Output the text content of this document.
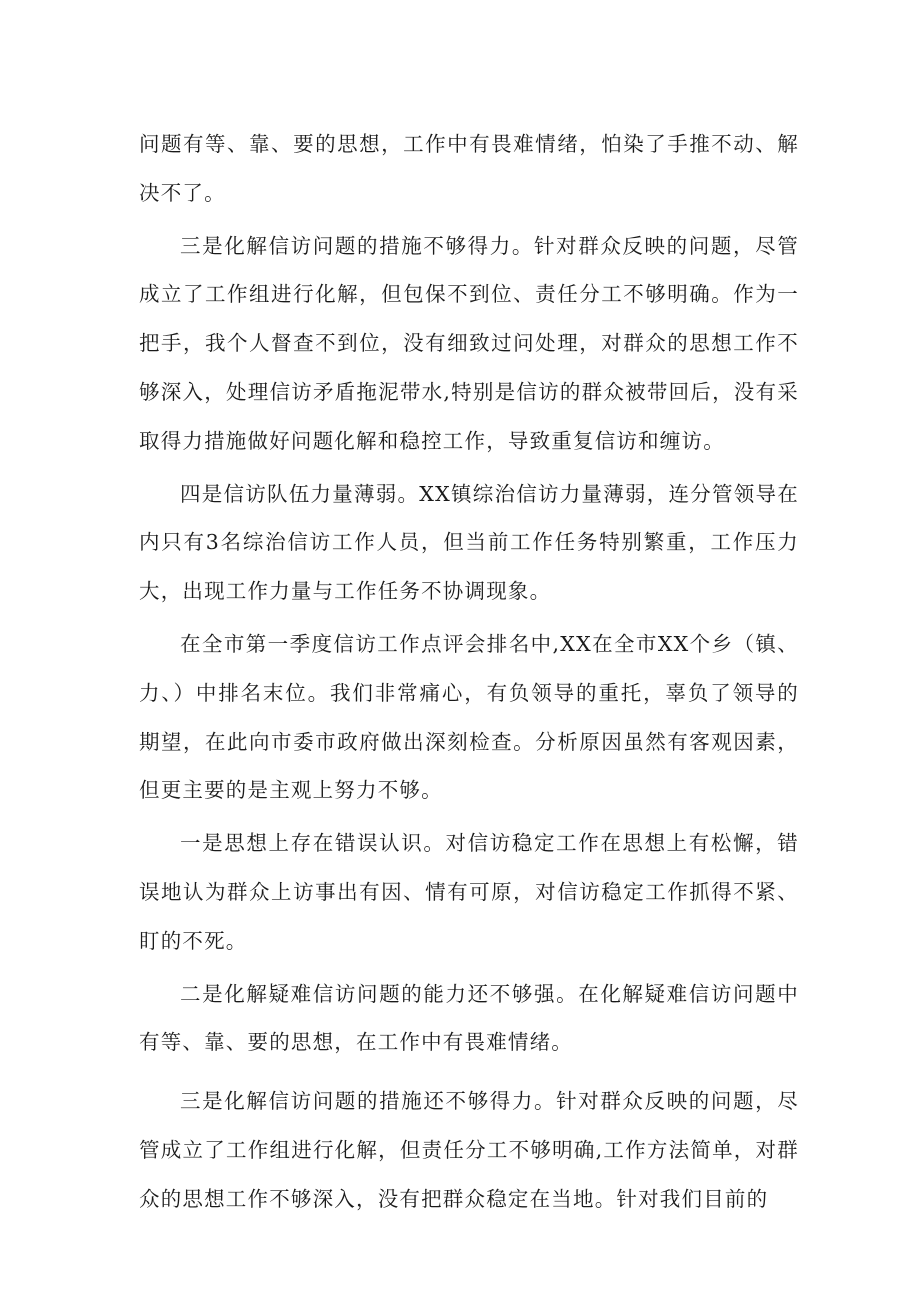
问题有等、靠、要的思想，工作中有畏难情绪，怕染了手推不动、解决不了。

三是化解信访问题的措施不够得力。针对群众反映的问题，尽管成立了工作组进行化解，但包保不到位、责任分工不够明确。作为一把手，我个人督查不到位，没有细致过问处理，对群众的思想工作不够深入，处理信访矛盾拖泥带水,特别是信访的群众被带回后，没有采取得力措施做好问题化解和稳控工作，导致重复信访和缠访。

四是信访队伍力量薄弱。XX镇综治信访力量薄弱，连分管领导在内只有3名综治信访工作人员，但当前工作任务特别繁重，工作压力大，出现工作力量与工作任务不协调现象。

在全市第一季度信访工作点评会排名中,XX在全市XX个乡（镇、力、）中排名末位。我们非常痛心，有负领导的重托，辜负了领导的期望，在此向市委市政府做出深刻检查。分析原因虽然有客观因素，但更主要的是主观上努力不够。

一是思想上存在错误认识。对信访稳定工作在思想上有松懈，错误地认为群众上访事出有因、情有可原，对信访稳定工作抓得不紧、盯的不死。

二是化解疑难信访问题的能力还不够强。在化解疑难信访问题中有等、靠、要的思想，在工作中有畏难情绪。

三是化解信访问题的措施还不够得力。针对群众反映的问题，尽管成立了工作组进行化解，但责任分工不够明确,工作方法简单，对群众的思想工作不够深入，没有把群众稳定在当地。针对我们目前的
